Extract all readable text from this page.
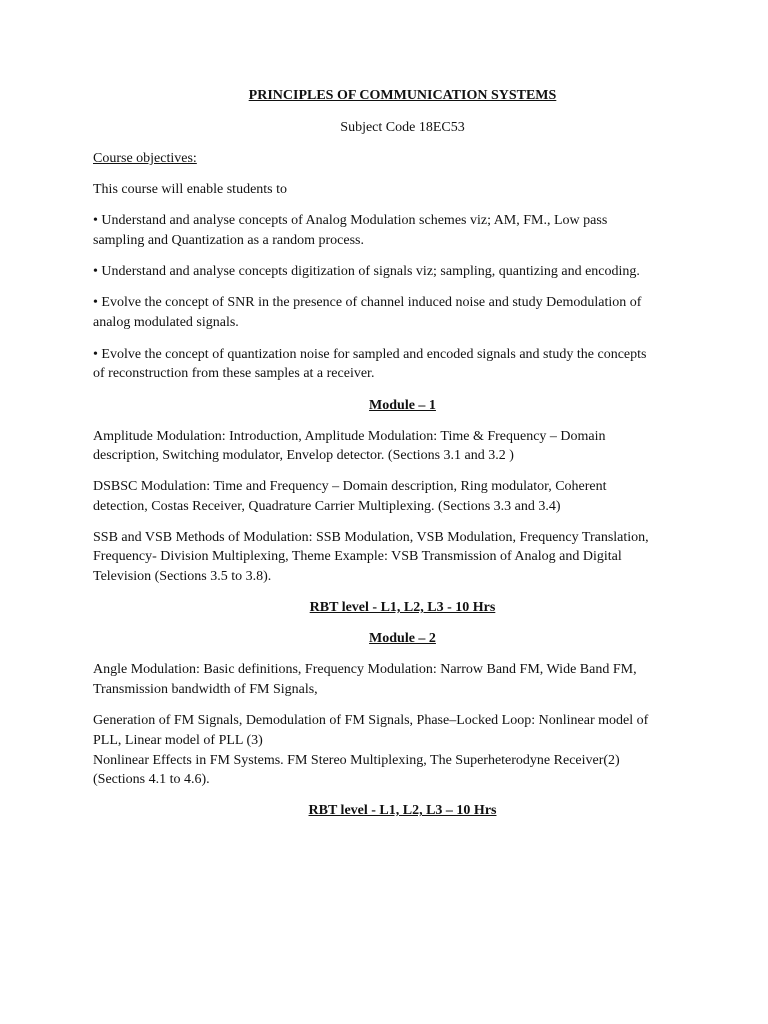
PRINCIPLES OF COMMUNICATION SYSTEMS
Subject Code 18EC53
Course objectives:
This course will enable students to
• Understand and analyse concepts of Analog Modulation schemes viz; AM, FM., Low pass
sampling and Quantization as a random process.
• Understand and analyse concepts digitization of signals viz; sampling, quantizing and encoding.
• Evolve the concept of SNR in the presence of channel induced noise and study Demodulation of
analog modulated signals.
• Evolve the concept of quantization noise for sampled and encoded signals and study the concepts
of reconstruction from these samples at a receiver.
Module – 1
Amplitude Modulation: Introduction, Amplitude Modulation: Time & Frequency – Domain
description, Switching modulator, Envelop detector. (Sections 3.1 and 3.2 )
DSBSC Modulation: Time and Frequency – Domain description, Ring modulator, Coherent
detection, Costas Receiver, Quadrature Carrier Multiplexing. (Sections 3.3 and 3.4)
SSB and VSB Methods of Modulation: SSB Modulation, VSB Modulation, Frequency Translation,
Frequency- Division Multiplexing, Theme Example: VSB Transmission of Analog and Digital
Television (Sections 3.5 to 3.8).
RBT level - L1, L2, L3 - 10 Hrs
Module – 2
Angle Modulation: Basic definitions, Frequency Modulation: Narrow Band FM, Wide Band FM,
Transmission bandwidth of FM Signals,
Generation of FM Signals, Demodulation of FM Signals, Phase–Locked Loop: Nonlinear model of
PLL, Linear model of PLL (3)
Nonlinear Effects in FM Systems. FM Stereo Multiplexing, The Superheterodyne Receiver(2)
(Sections 4.1 to 4.6).
RBT level - L1, L2, L3 – 10 Hrs
